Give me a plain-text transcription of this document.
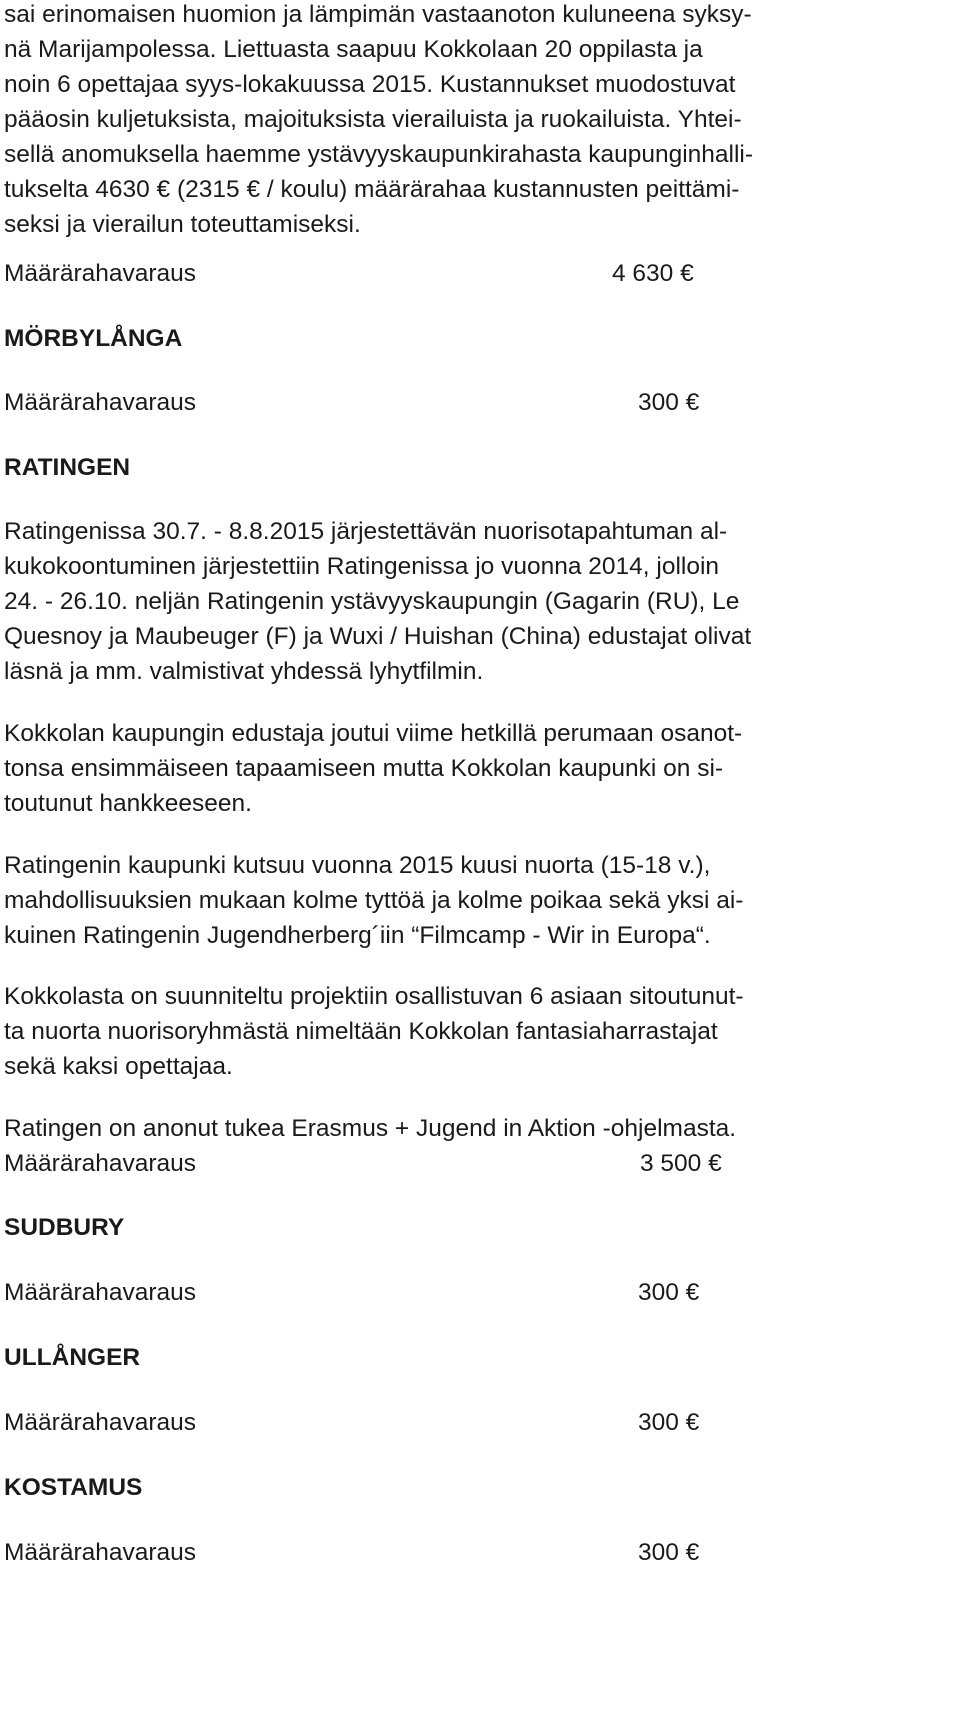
sai erinomaisen huomion ja lämpimän vastaanoton kuluneena syksy-
nä Marijampolessa. Liettuasta saapuu Kokkolaan 20 oppilasta ja
noin 6 opettajaa syys-lokakuussa 2015. Kustannukset muodostuvat
pääosin kuljetuksista, majoituksista vierailuista ja ruokailuista. Yhtei-
sellä anomuksella haemme ystävyyskaupunkirahasta kaupunginhalli-
tukselta 4630 € (2315 € / koulu) määrärahaa kustannusten peittämi-
seksi ja vierailun toteuttamiseksi.
Määrärahavaraus	4 630 €
MÖRBYLÅNGA
Määrärahavaraus	300 €
RATINGEN
Ratingenissa 30.7. - 8.8.2015 järjestettävän nuorisotapahtuman al-
kukokoontuminen järjestettiin Ratingenissa jo vuonna 2014, jolloin
24. - 26.10. neljän Ratingenin ystävyyskaupungin (Gagarin (RU), Le
Quesnoy ja Maubeuger (F) ja Wuxi / Huishan (China) edustajat olivat
läsnä ja mm. valmistivat yhdessä lyhytfilmin.
Kokkolan kaupungin edustaja joutui viime hetkillä perumaan osanot-
tonsa ensimmäiseen tapaamiseen mutta Kokkolan kaupunki on si-
toutunut hankkeeseen.
Ratingenin kaupunki kutsuu vuonna 2015 kuusi nuorta (15-18 v.),
mahdollisuuksien mukaan kolme tyttöä ja kolme poikaa sekä yksi ai-
kuinen Ratingenin Jugendherberg´iin “Filmcamp - Wir in Europa“.
Kokkolasta on suunniteltu projektiin osallistuvan 6 asiaan sitoutunut-
ta nuorta nuorisoryhmästä nimeltään Kokkolan fantasiaharrastajat
sekä kaksi opettajaa.
Ratingen on anonut tukea Erasmus + Jugend in Aktion -ohjelmasta.
Määrärahavaraus	3 500 €
SUDBURY
Määrärahavaraus	300 €
ULLÅNGER
Määrärahavaraus	300 €
KOSTAMUS
Määrärahavaraus	300 €
